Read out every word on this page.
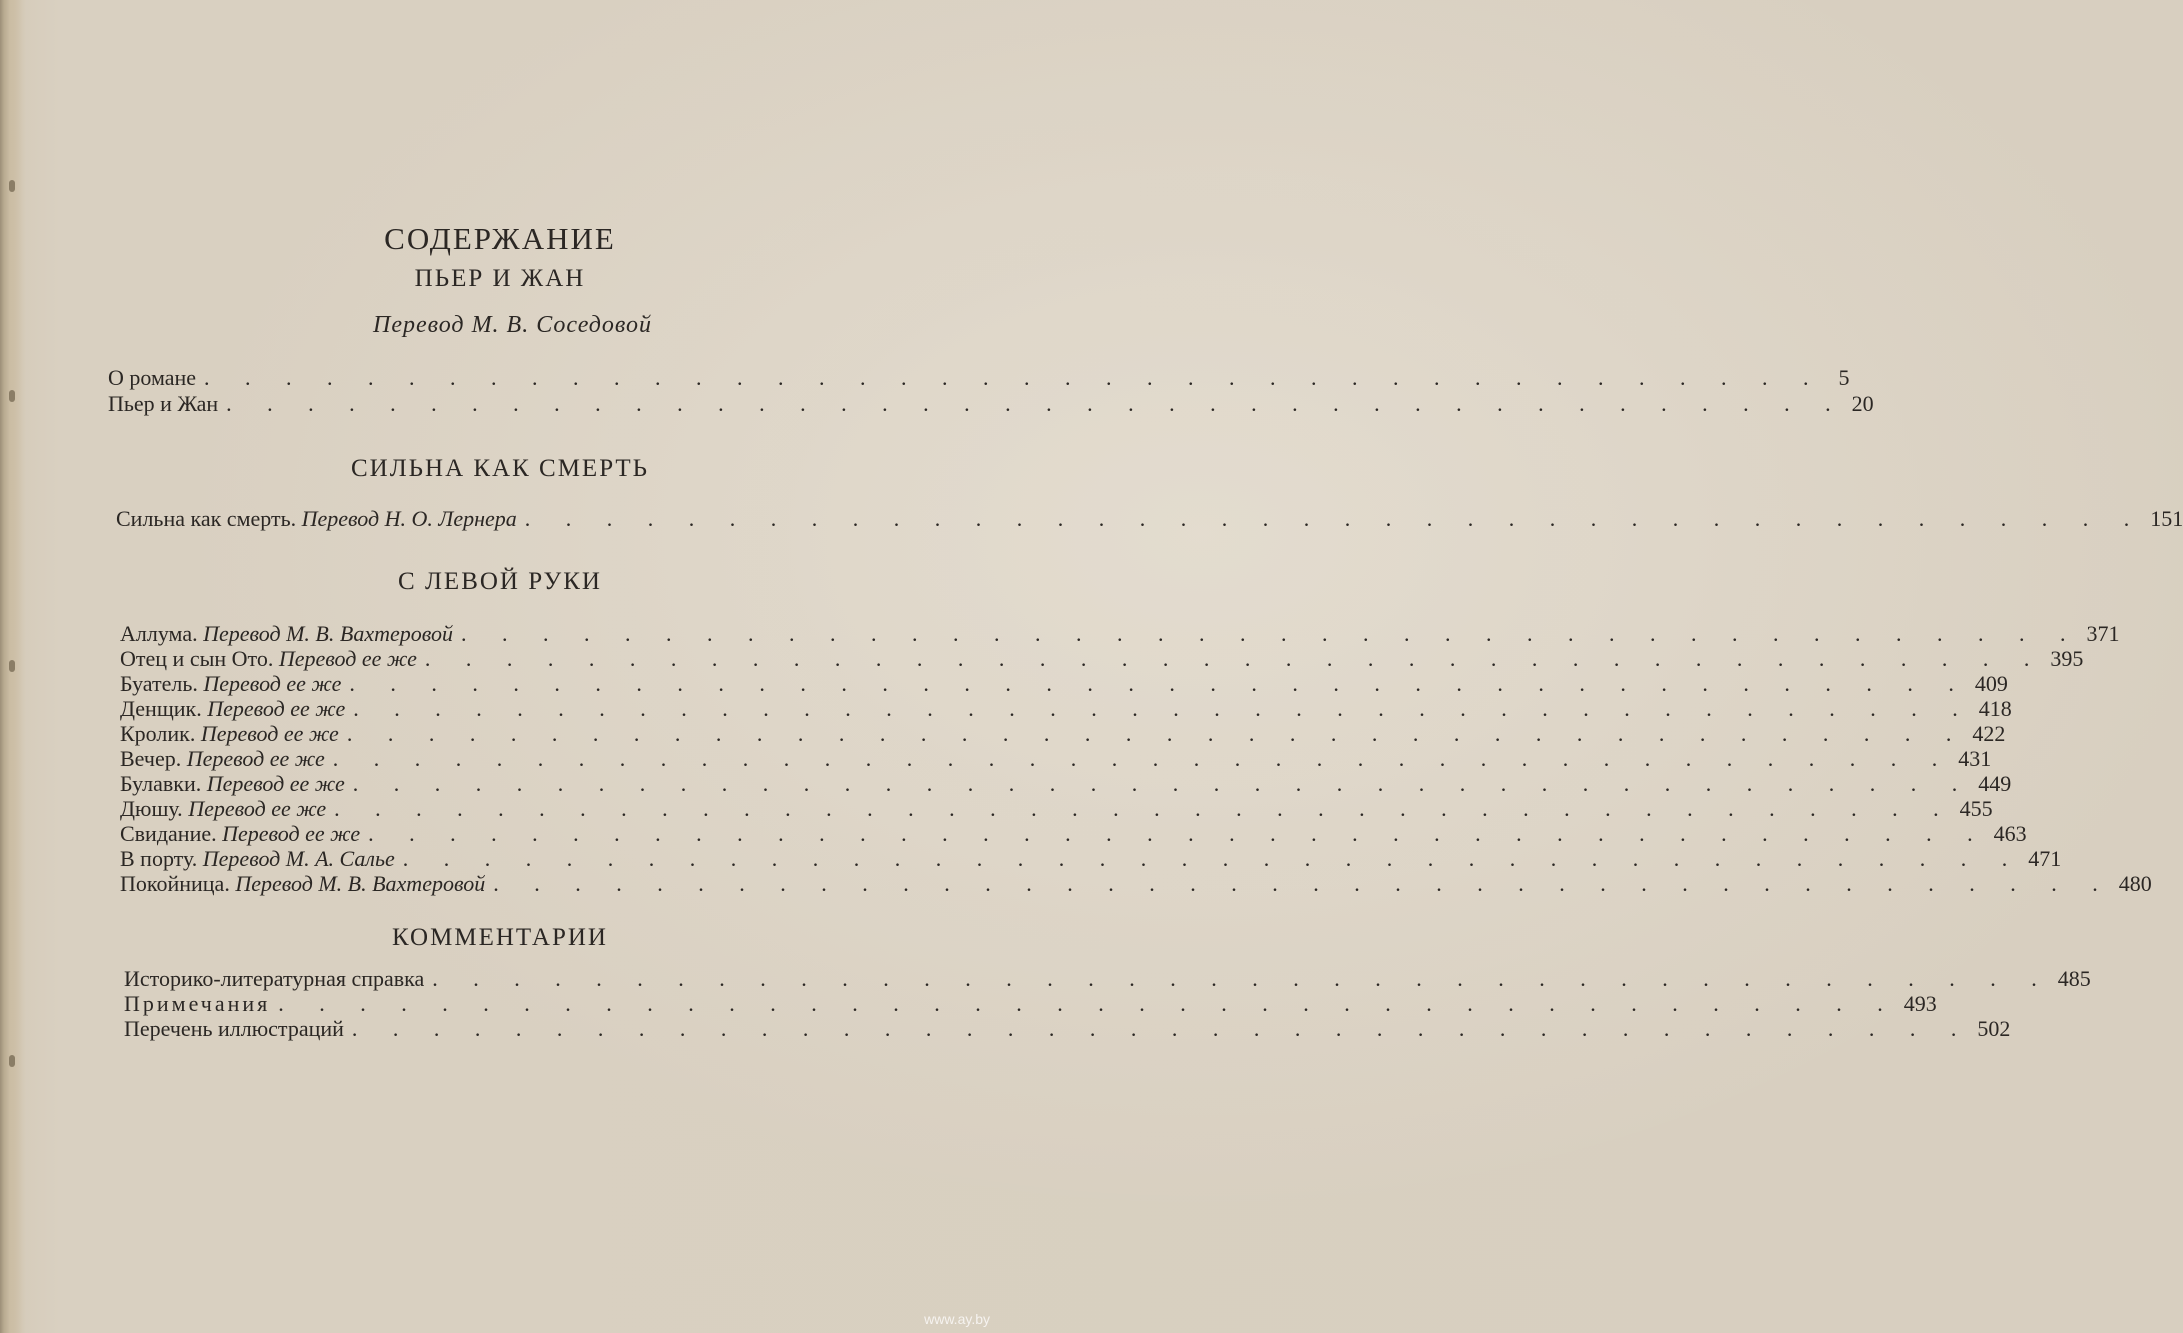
СОДЕРЖАНИЕ
ПЬЕР И ЖАН
Перевод М. В. Соседовой
О романе . . . . . . . . . . . . . . . . . . . . . . . . . . . . . . . . . . . . . . . . 5
Пьер и Жан . . . . . . . . . . . . . . . . . . . . . . . . . . . . . . . . . . . . . . . . 20
СИЛЬНА КАК СМЕРТЬ
Сильна как смерть. Перевод Н. О. Лернера . . . . . . . . . . . . . . . . . . . . . . . . . . . . . . . . . . . . . . . . 151
С ЛЕВОЙ РУКИ
Аллума. Перевод М. В. Вахтеровой . . . . . . . . . . . . . . . . . . . . . . . . . . . . . . . . . . . . . . . . 371
Отец и сын Ото. Перевод ее же . . . . . . . . . . . . . . . . . . . . . . . . . . . . . . . . . . . . . . . . 395
Буатель. Перевод ее же . . . . . . . . . . . . . . . . . . . . . . . . . . . . . . . . . . . . . . . . 409
Денщик. Перевод ее же . . . . . . . . . . . . . . . . . . . . . . . . . . . . . . . . . . . . . . . . 418
Кролик. Перевод ее же . . . . . . . . . . . . . . . . . . . . . . . . . . . . . . . . . . . . . . . . 422
Вечер. Перевод ее же . . . . . . . . . . . . . . . . . . . . . . . . . . . . . . . . . . . . . . . . 431
Булавки. Перевод ее же . . . . . . . . . . . . . . . . . . . . . . . . . . . . . . . . . . . . . . . . 449
Дюшу. Перевод ее же . . . . . . . . . . . . . . . . . . . . . . . . . . . . . . . . . . . . . . . . 455
Свидание. Перевод ее же . . . . . . . . . . . . . . . . . . . . . . . . . . . . . . . . . . . . . . . . 463
В порту. Перевод М. А. Салье . . . . . . . . . . . . . . . . . . . . . . . . . . . . . . . . . . . . . . . . 471
Покойница. Перевод М. В. Вахтеровой . . . . . . . . . . . . . . . . . . . . . . . . . . . . . . . . . . . . . . . . 480
КОММЕНТАРИИ
Историко-литературная справка . . . . . . . . . . . . . . . . . . . . . . . . . . . . . . . . . . . . . . . . 485
Примечания . . . . . . . . . . . . . . . . . . . . . . . . . . . . . . . . . . . . . . . . 493
Перечень иллюстраций . . . . . . . . . . . . . . . . . . . . . . . . . . . . . . . . . . . . . . . . 502
www.ay.by
